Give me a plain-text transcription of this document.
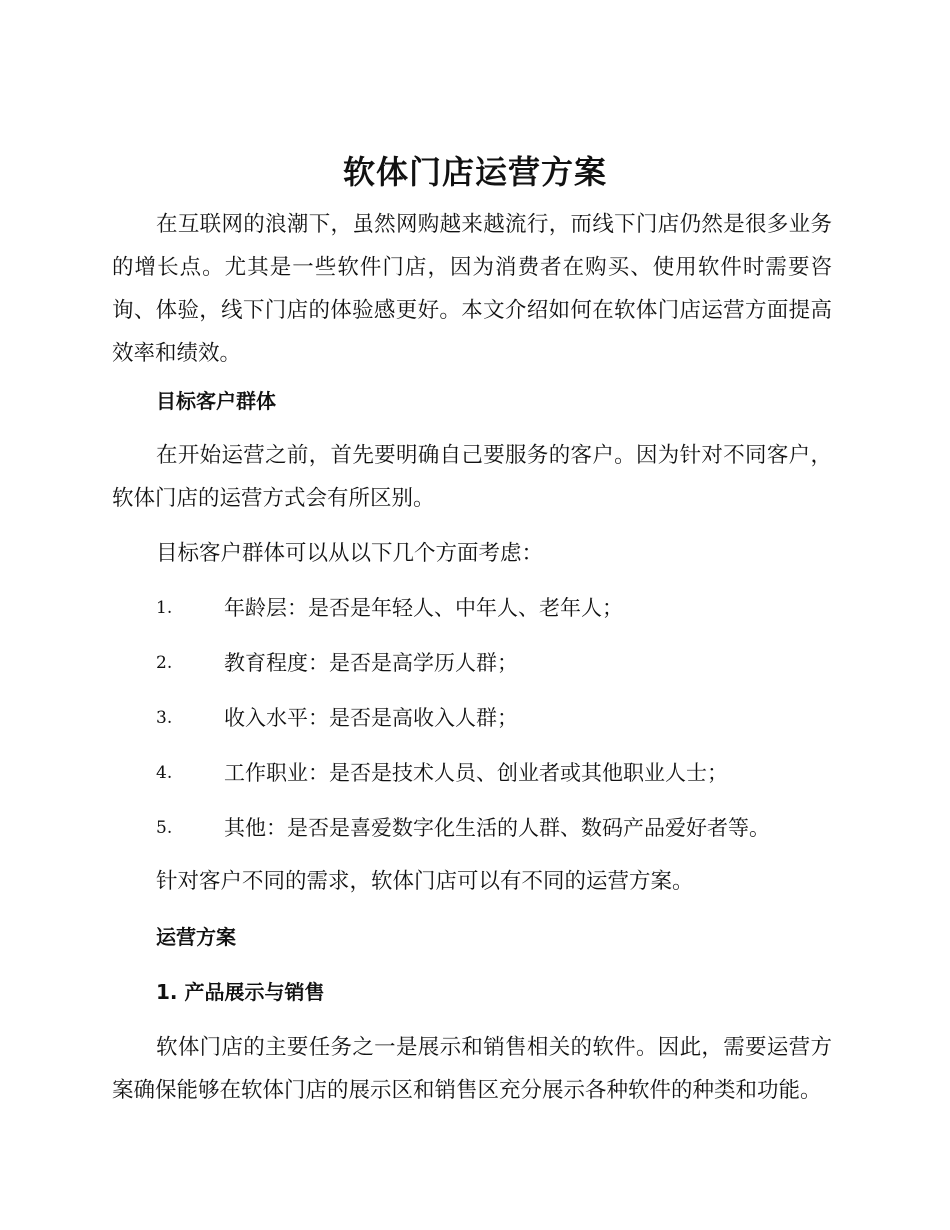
软体门店运营方案

在互联网的浪潮下，虽然网购越来越流行，而线下门店仍然是很多业务的增长点。尤其是一些软件门店，因为消费者在购买、使用软件时需要咨询、体验，线下门店的体验感更好。本文介绍如何在软体门店运营方面提高效率和绩效。

目标客户群体

在开始运营之前，首先要明确自己要服务的客户。因为针对不同客户，软体门店的运营方式会有所区别。

目标客户群体可以从以下几个方面考虑：

1. 年龄层：是否是年轻人、中年人、老年人；
2. 教育程度：是否是高学历人群；
3. 收入水平：是否是高收入人群；
4. 工作职业：是否是技术人员、创业者或其他职业人士；
5. 其他：是否是喜爱数字化生活的人群、数码产品爱好者等。

针对客户不同的需求，软体门店可以有不同的运营方案。

运营方案
1. 产品展示与销售

软体门店的主要任务之一是展示和销售相关的软件。因此，需要运营方案确保能够在软体门店的展示区和销售区充分展示各种软件的种类和功能。
